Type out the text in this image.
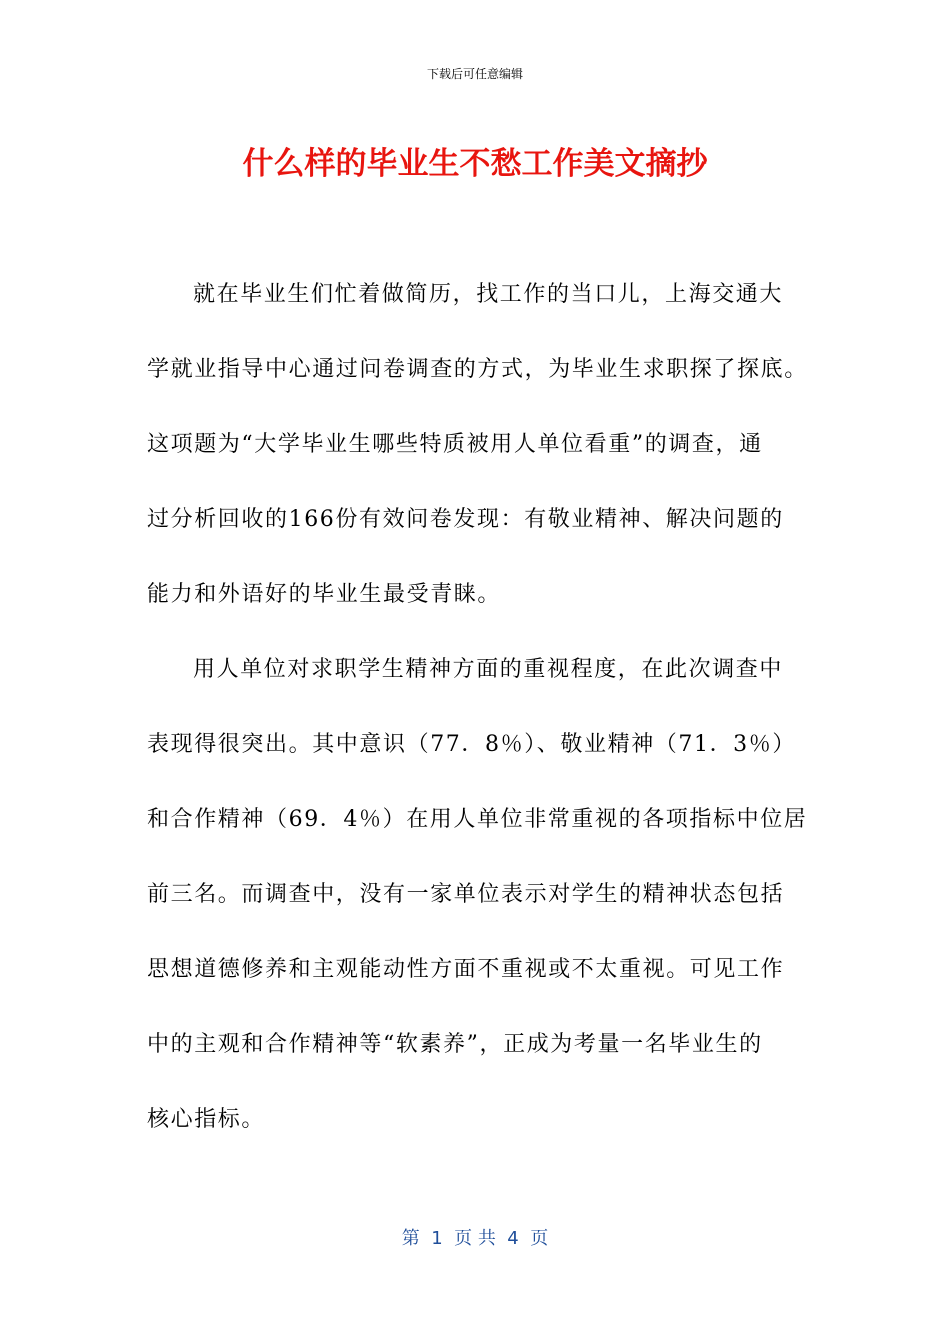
下载后可任意编辑
什么样的毕业生不愁工作美文摘抄
就在毕业生们忙着做简历，找工作的当口儿，上海交通大
学就业指导中心通过问卷调查的方式，为毕业生求职探了探底。
这项题为“大学毕业生哪些特质被用人单位看重”的调查，通
过分析回收的166份有效问卷发现：有敬业精神、解决问题的
能力和外语好的毕业生最受青睐。
用人单位对求职学生精神方面的重视程度，在此次调查中
表现得很突出。其中意识（77．8％）、敬业精神（71．3％）
和合作精神（69．4％）在用人单位非常重视的各项指标中位居
前三名。而调查中，没有一家单位表示对学生的精神状态包括
思想道德修养和主观能动性方面不重视或不太重视。可见工作
中的主观和合作精神等“软素养”，正成为考量一名毕业生的
核心指标。
第  1  页 共  4  页
